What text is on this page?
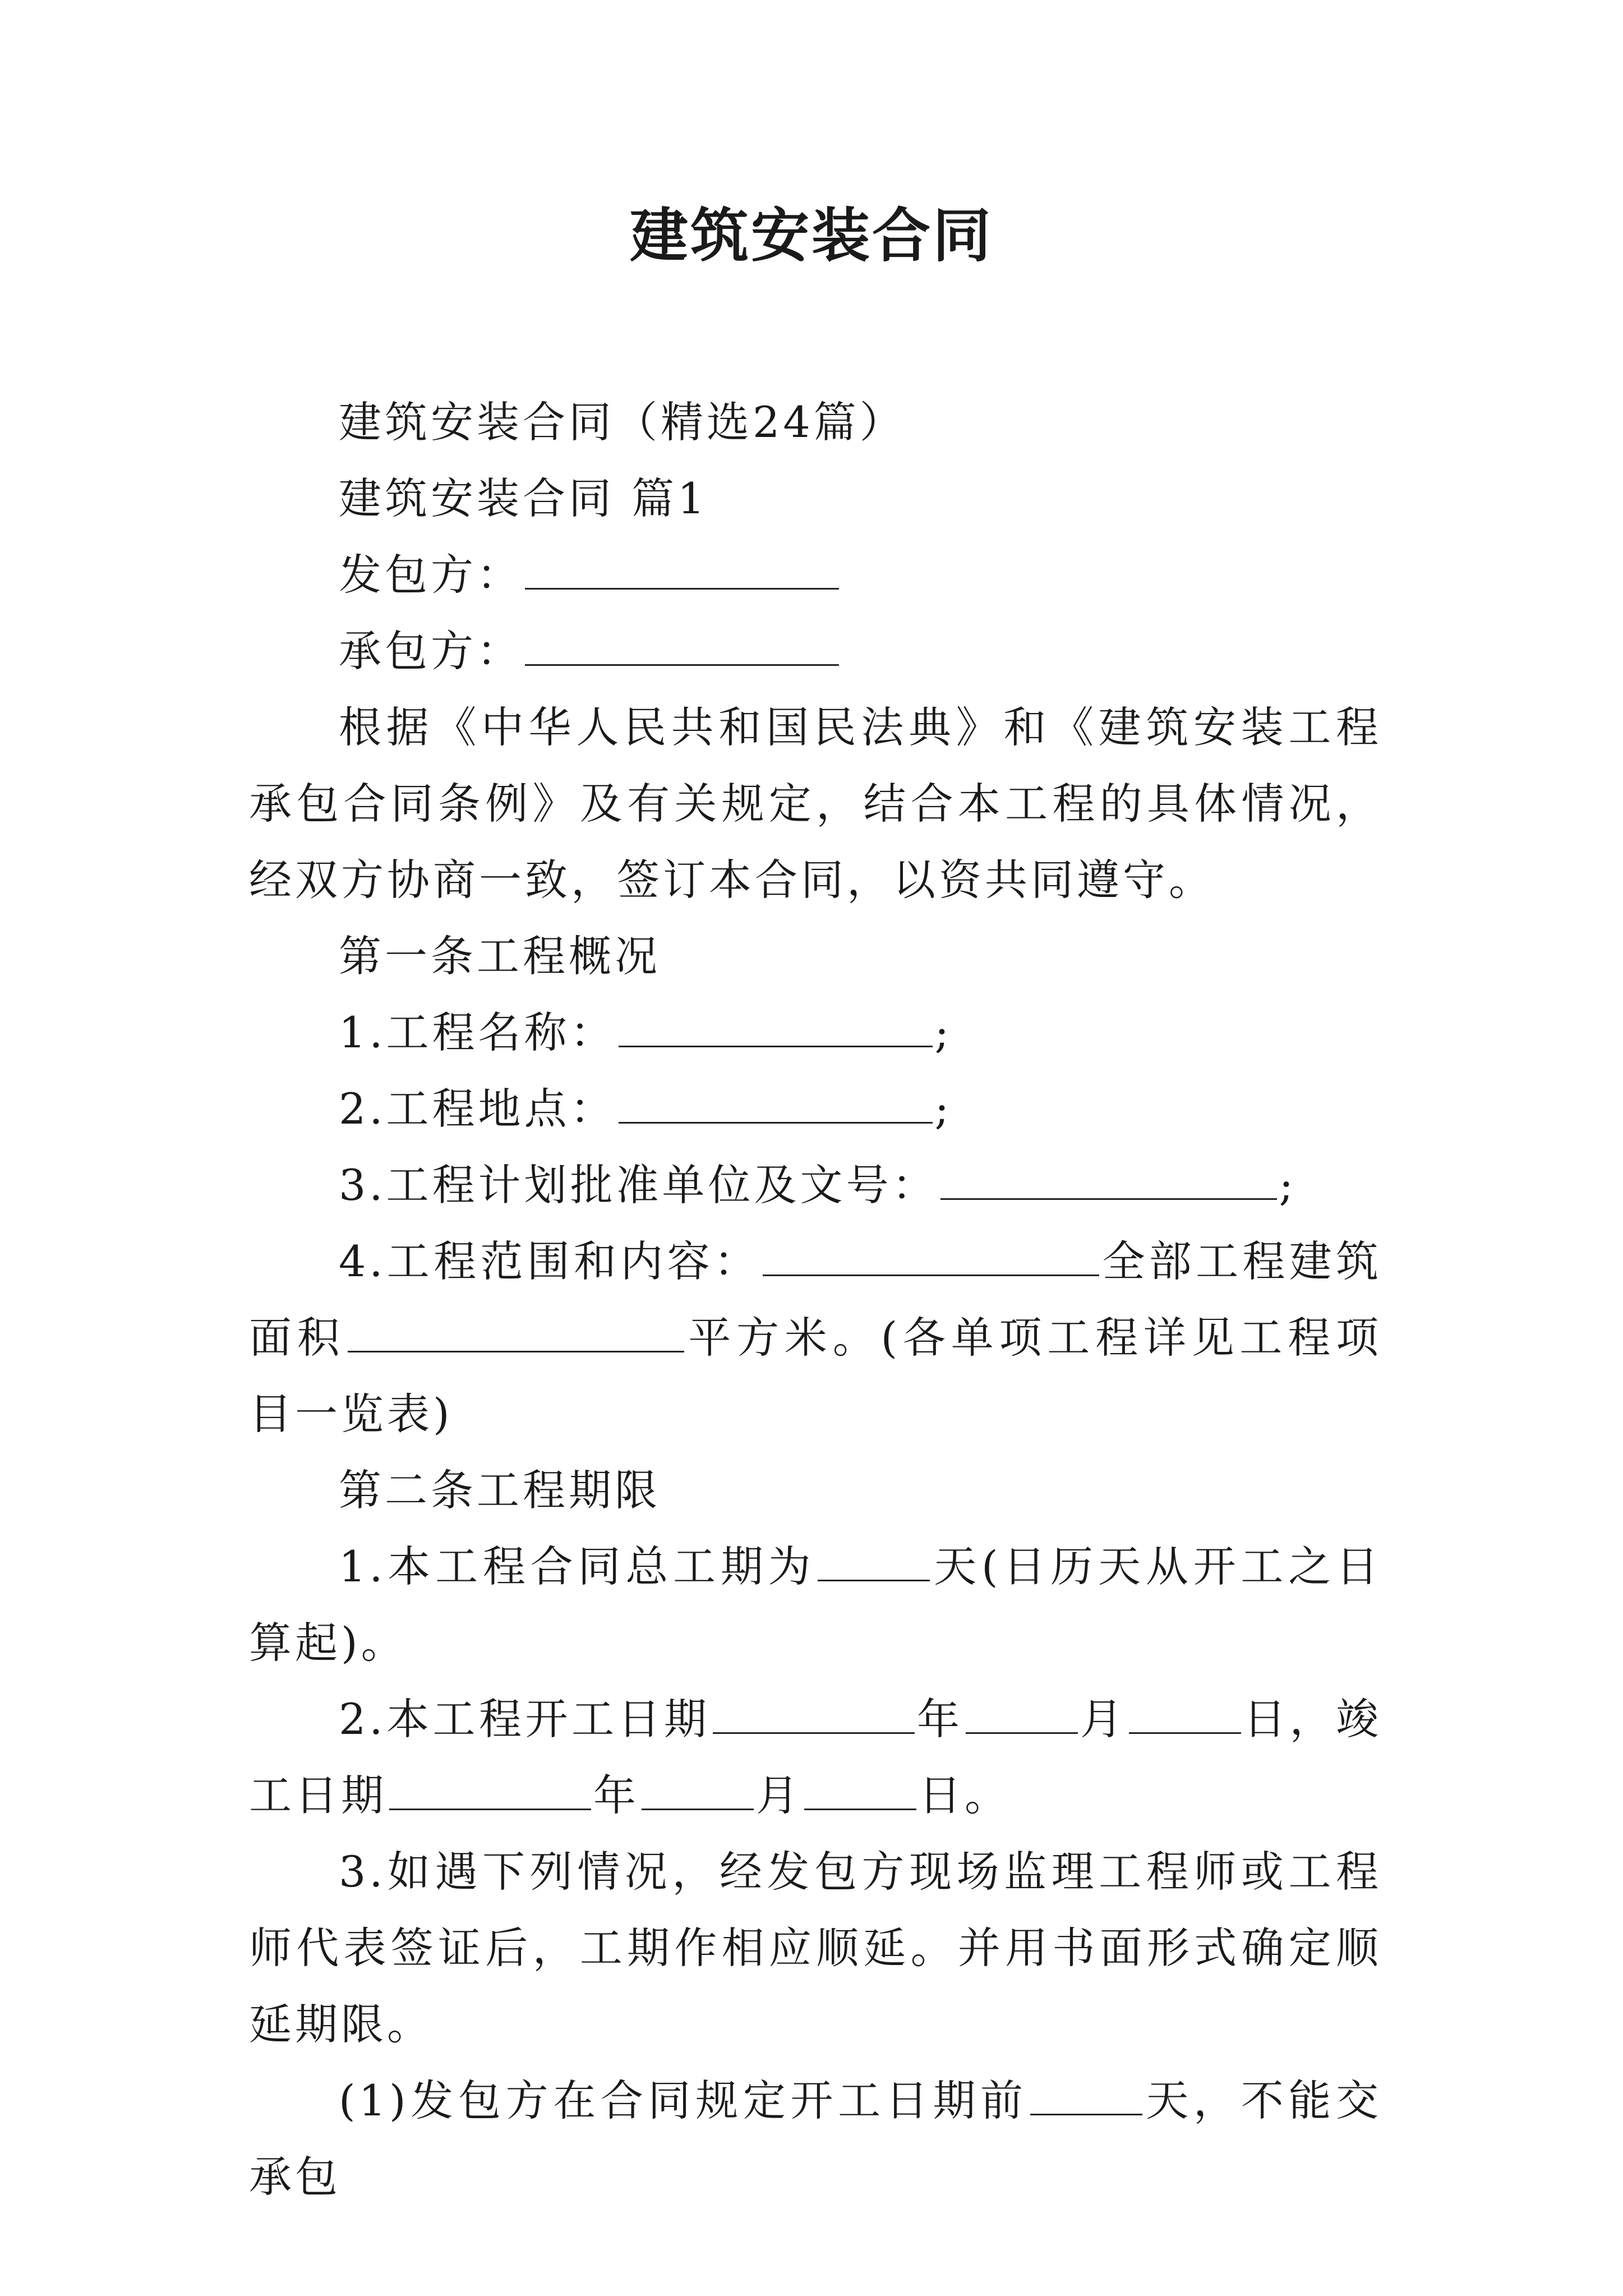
建筑安装合同

建筑安装合同（精选24篇）

建筑安装合同 篇1

发包方：

承包方：

根据《中华人民共和国民法典》和《建筑安装工程承包合同条例》及有关规定，结合本工程的具体情况，经双方协商一致，签订本合同，以资共同遵守。

第一条工程概况

1.工程名称：	;

2.工程地点：	;

3.工程计划批准单位及文号：	;

4.工程范围和内容：	全部工程建筑面积	平方米。(各单项工程详见工程项目一览表)

第二条工程期限

1.本工程合同总工期为	天(日历天从开工之日算起)。

2.本工程开工日期	年	月	日，竣工日期	年	月	日。

3.如遇下列情况，经发包方现场监理工程师或工程师代表签证后，工期作相应顺延。并用书面形式确定顺延期限。

(1)发包方在合同规定开工日期前	天，不能交承包
